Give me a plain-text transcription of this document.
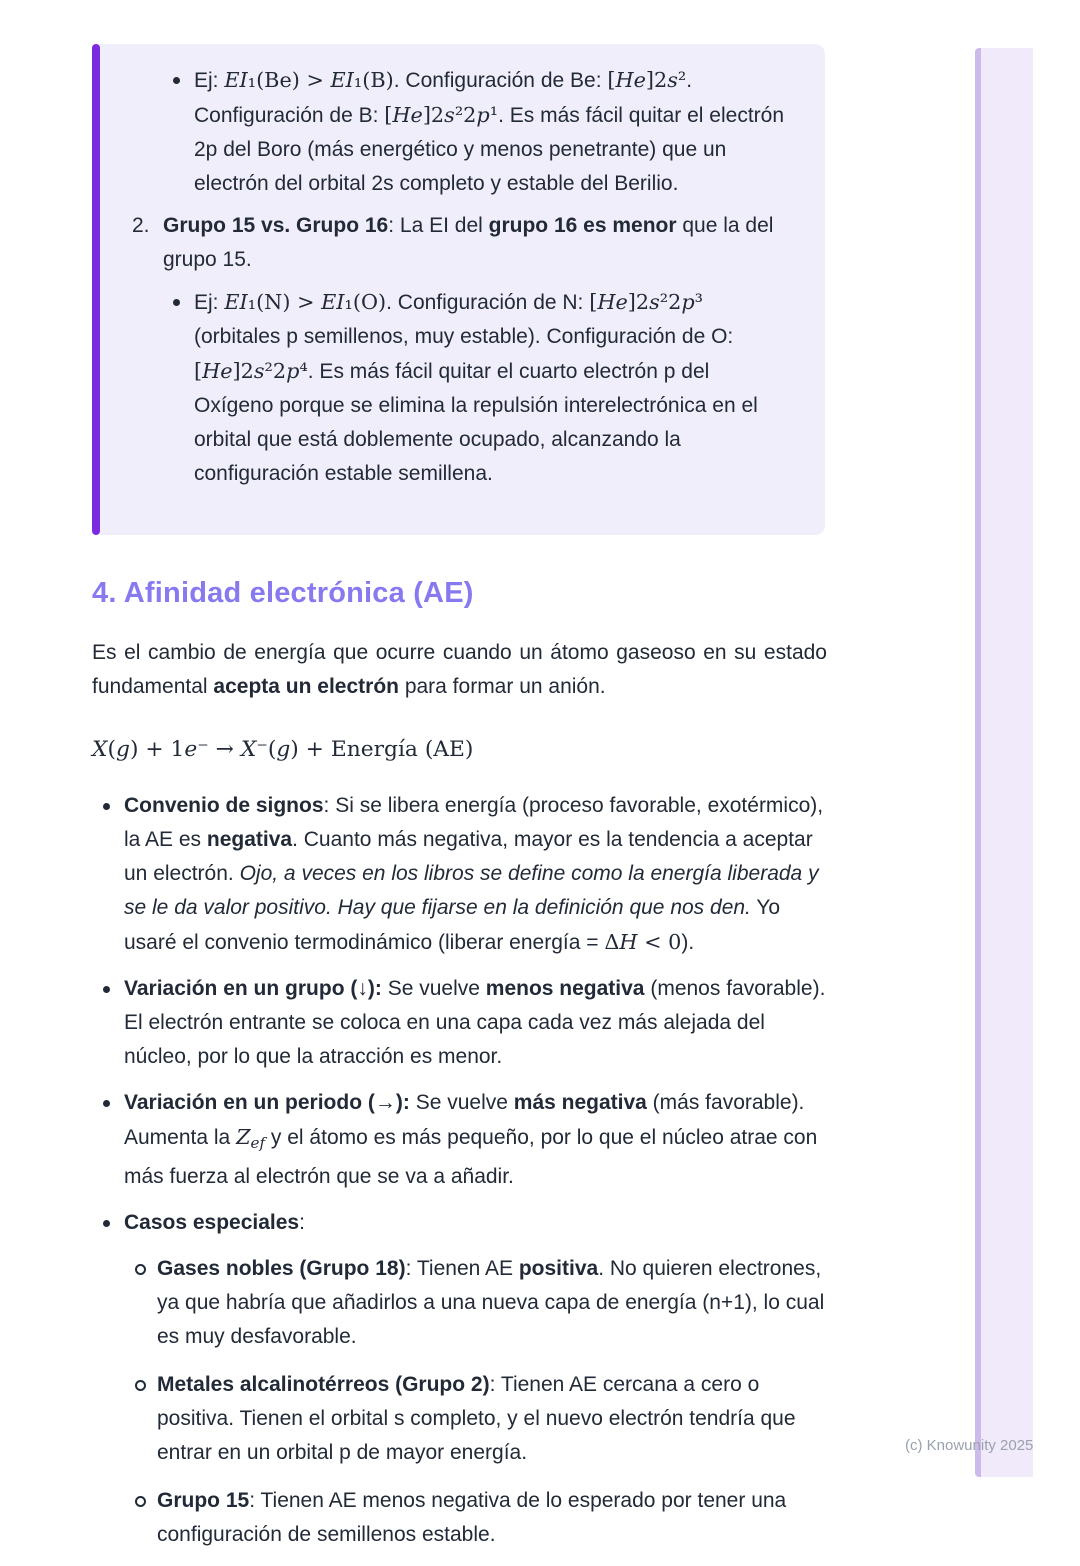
Ej: EI₁(Be) > EI₁(B). Configuración de Be: [He]2s². Configuración de B: [He]2s²2p¹. Es más fácil quitar el electrón 2p del Boro (más energético y menos penetrante) que un electrón del orbital 2s completo y estable del Berilio.
2. Grupo 15 vs. Grupo 16: La EI del grupo 16 es menor que la del grupo 15.
Ej: EI₁(N) > EI₁(O). Configuración de N: [He]2s²2p³ (orbitales p semillenos, muy estable). Configuración de O: [He]2s²2p⁴. Es más fácil quitar el cuarto electrón p del Oxígeno porque se elimina la repulsión interelectrónica en el orbital que está doblemente ocupado, alcanzando la configuración estable semillena.
4. Afinidad electrónica (AE)

Es el cambio de energía que ocurre cuando un átomo gaseoso en su estado fundamental acepta un electrón para formar un anión.

X(g) + 1e⁻ → X⁻(g) + Energía (AE)

Convenio de signos: Si se libera energía (proceso favorable, exotérmico), la AE es negativa. Cuanto más negativa, mayor es la tendencia a aceptar un electrón. Ojo, a veces en los libros se define como la energía liberada y se le da valor positivo. Hay que fijarse en la definición que nos den. Yo usaré el convenio termodinámico (liberar energía = ΔH < 0).
Variación en un grupo (↓): Se vuelve menos negativa (menos favorable). El electrón entrante se coloca en una capa cada vez más alejada del núcleo, por lo que la atracción es menor.
Variación en un periodo (→): Se vuelve más negativa (más favorable). Aumenta la Zef y el átomo es más pequeño, por lo que el núcleo atrae con más fuerza al electrón que se va a añadir.
Casos especiales:
Gases nobles (Grupo 18): Tienen AE positiva. No quieren electrones, ya que habría que añadirlos a una nueva capa de energía (n+1), lo cual es muy desfavorable.
Metales alcalinotérreos (Grupo 2): Tienen AE cercana a cero o positiva. Tienen el orbital s completo, y el nuevo electrón tendría que entrar en un orbital p de mayor energía.
Grupo 15: Tienen AE menos negativa de lo esperado por tener una configuración de semillenos estable.
(c) Knowunity 2025
